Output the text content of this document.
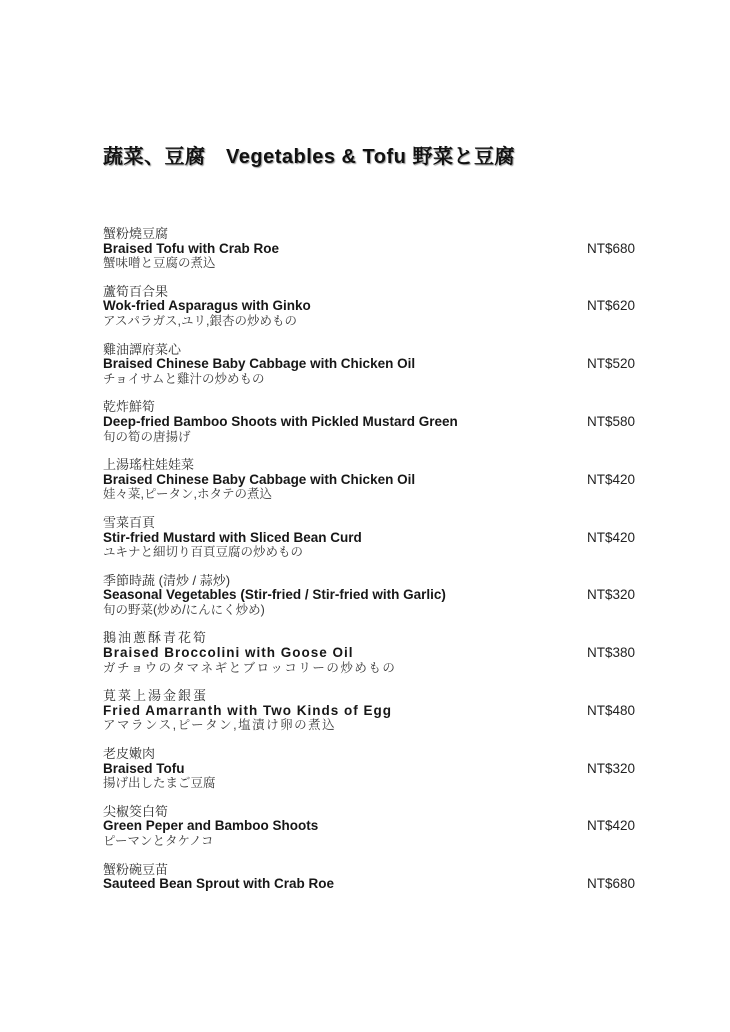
蔬菜、豆腐　Vegetables & Tofu 野菜と豆腐
蟹粉燒豆腐
Braised Tofu with Crab Roe
蟹味噌と豆腐の煮込
NT$680
蘆筍百合果
Wok-fried Asparagus with Ginko
アスパラガス,ユリ,銀杏の炒めもの
NT$620
雞油譚府菜心
Braised Chinese Baby Cabbage with Chicken Oil
チョイサムと雞汁の炒めもの
NT$520
乾炸鮮筍
Deep-fried Bamboo Shoots with Pickled Mustard Green
旬の筍の唐揚げ
NT$580
上湯瑤柱娃娃菜
Braised Chinese Baby Cabbage with Chicken Oil
娃々菜,ピータン,ホタテの煮込
NT$420
雪菜百頁
Stir-fried Mustard with Sliced Bean Curd
ユキナと細切り百頁豆腐の炒めもの
NT$420
季節時蔬 (清炒 / 蒜炒)
Seasonal Vegetables (Stir-fried / Stir-fried with Garlic)
旬の野菜(炒め/にんにく炒め)
NT$320
鵝油蔥酥青花筍
Braised Broccolini with Goose Oil
ガチョウのタマネギとブロッコリーの炒めもの
NT$380
莧菜上湯金銀蛋
Fried Amarranth with Two Kinds of Egg
アマランス,ピータン,塩漬け卵の煮込
NT$480
老皮嫩肉
Braised Tofu
揚げ出したまご豆腐
NT$320
尖椒筊白筍
Green Peper and Bamboo Shoots
ピーマンとタケノコ
NT$420
蟹粉碗豆苗
Sauteed Bean Sprout with Crab Roe	NT$680
